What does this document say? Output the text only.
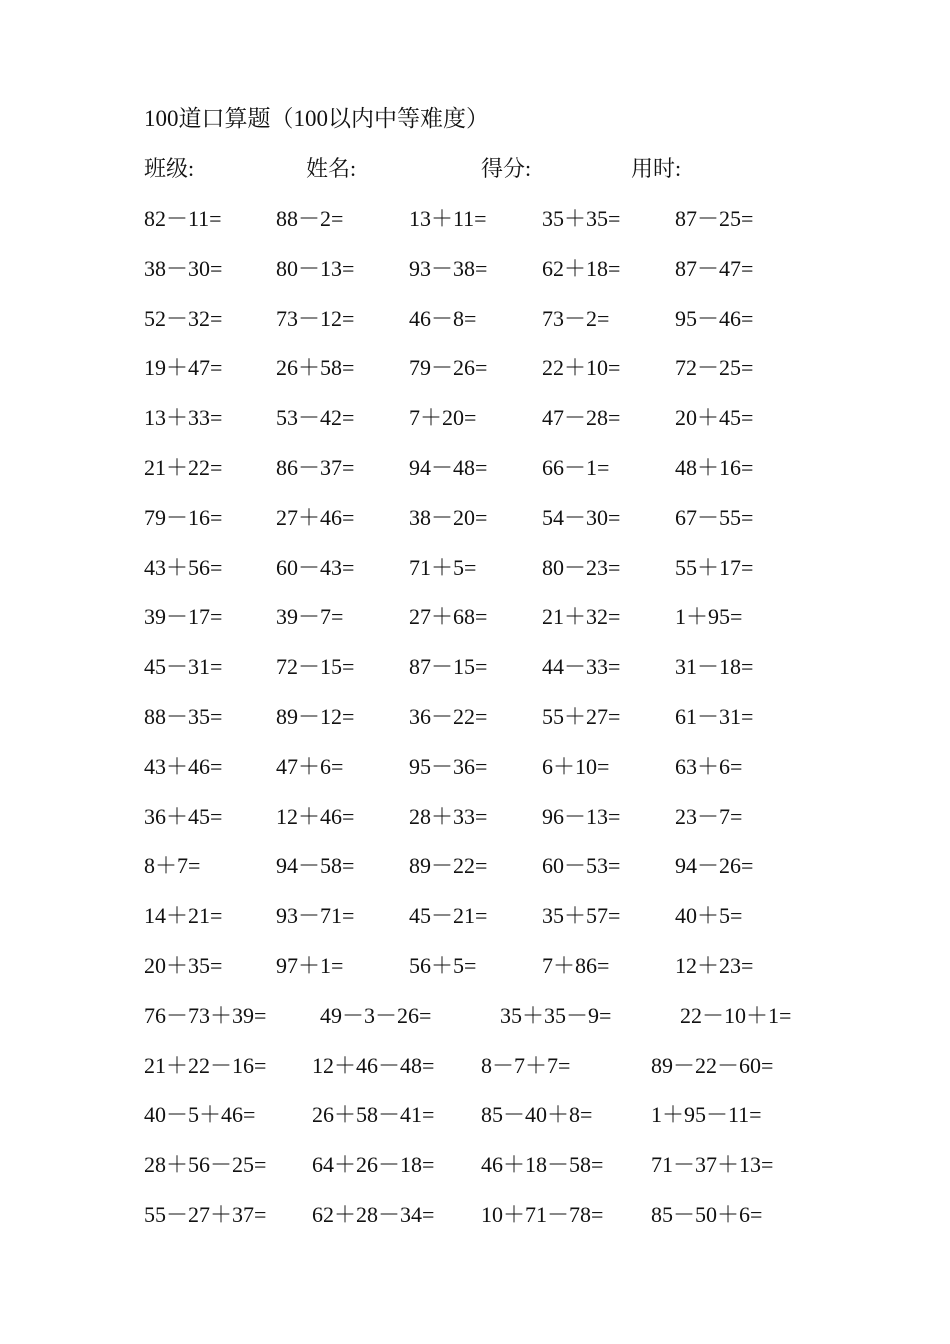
100道口算题（100以内中等难度）
班级:	姓名:	得分:	用时:
82－11= 88－2=	13＋11=	35＋35= 87－25=
38－30= 80－13= 93－38= 62＋18= 87－47=
52－32= 73－12= 46－8=	73－2=	95－46=
19＋47= 26＋58= 79－26= 22＋10= 72－25=
13＋33= 53－42= 7＋20=	47－28= 20＋45=
21＋22= 86－37= 94－48= 66－1=	48＋16=
79－16= 27＋46= 38－20= 54－30= 67－55=
43＋56= 60－43= 71＋5=	80－23= 55＋17=
39－17= 39－7=	27＋68= 21＋32= 1＋95=
45－31= 72－15= 87－15= 44－33= 31－18=
88－35= 89－12= 36－22= 55＋27= 61－31=
43＋46= 47＋6=	95－36= 6＋10=	63＋6=
36＋45= 12＋46= 28＋33= 96－13= 23－7=
8＋7=	94－58= 89－22= 60－53= 94－26=
14＋21= 93－71= 45－21= 35＋57= 40＋5=
20＋35= 97＋1=	56＋5=	7＋86=	12＋23=
76－73＋39= 49－3－26=	35＋35－9=	22－10＋1=
21＋22－16= 12＋46－48= 8－7＋7=	89－22－60=
40－5＋46=	26＋58－41= 85－40＋8=	1＋95－11=
28＋56－25= 64＋26－18= 46＋18－58= 71－37＋13=
55－27＋37= 62＋28－34= 10＋71－78= 85－50＋6=
